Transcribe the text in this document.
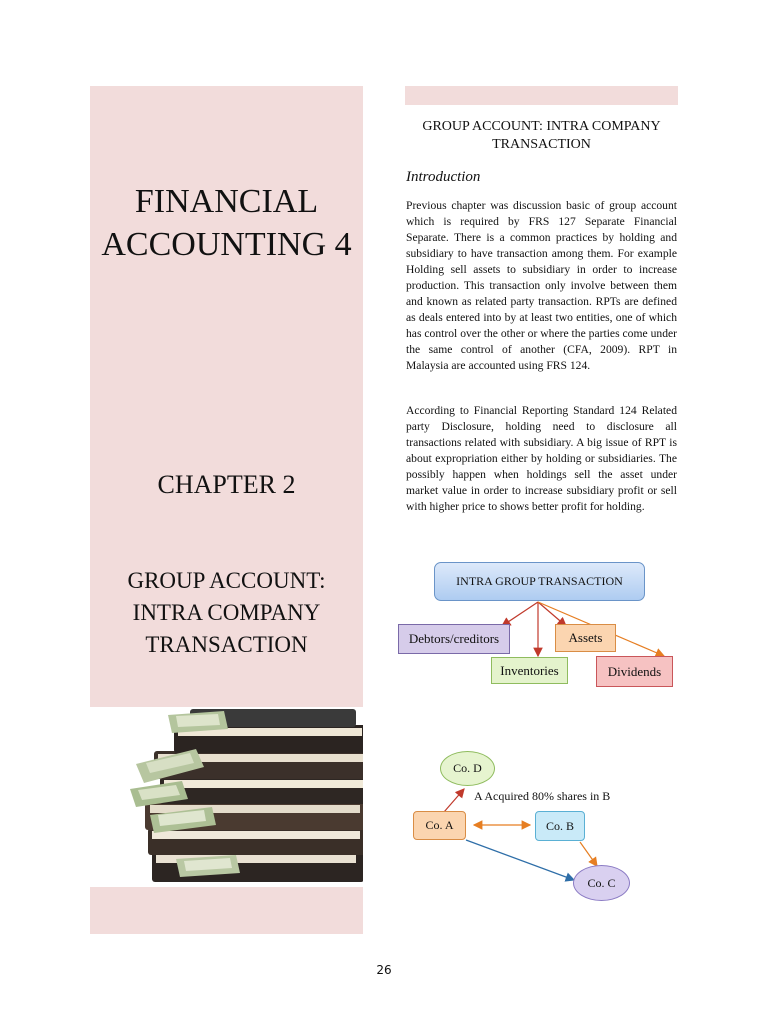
FINANCIAL ACCOUNTING 4
CHAPTER 2
GROUP ACCOUNT: INTRA COMPANY TRANSACTION
GROUP ACCOUNT: INTRA COMPANY TRANSACTION
Introduction

Previous chapter was discussion basic of group account which is required by FRS 127 Separate Financial Separate. There is a common practices by holding and subsidiary to have transaction among them. For example Holding sell assets to subsidiary in order to increase production. This transaction only involve between them and known as related party transaction. RPTs are defined as deals entered into by at least two entities, one of which has control over the other or where the parties come under the same control of another (CFA, 2009). RPT in Malaysia are accounted using FRS 124.

According to Financial Reporting Standard 124 Related party Disclosure, holding need to disclosure all transactions related with subsidiary. A big issue of RPT is about expropriation either by holding or subsidiaries. The possibly happen when holdings sell the asset under market value in order to increase subsidiary profit or sell with higher price to shows better profit for holding.

INTRA GROUP TRANSACTION
Debtors/creditors	Assets
Inventories	Dividends
Co. D
Co. A	Co. B
Co. C
A Acquired 80% shares in B
26
